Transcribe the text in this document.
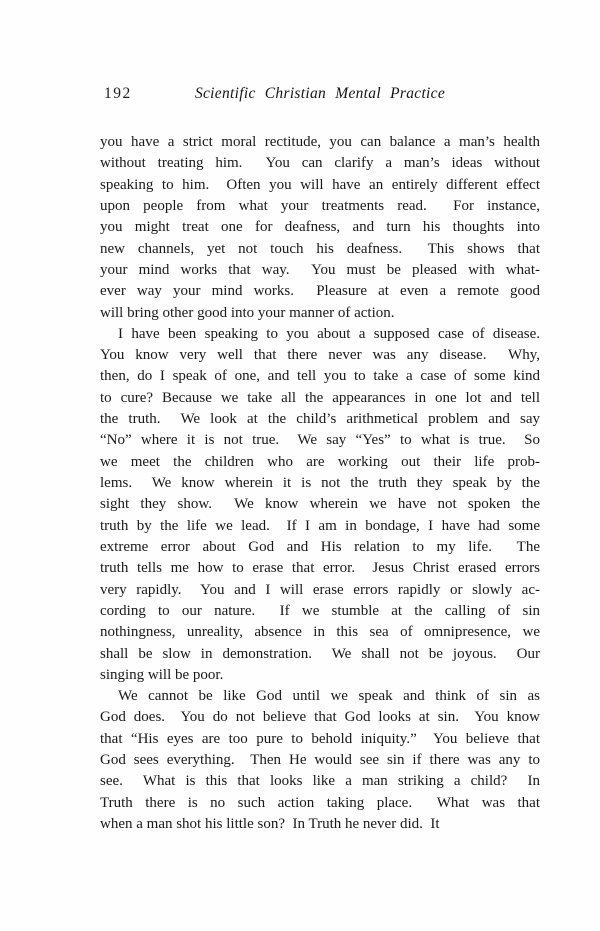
192	Scientific Christian Mental Practice
you have a strict moral rectitude, you can balance a man’s health
without treating him.  You can clarify a man’s ideas without
speaking to him.  Often you will have an entirely different effect
upon people from what your treatments read.  For instance,
you might treat one for deafness, and turn his thoughts into
new channels, yet not touch his deafness.  This shows that
your mind works that way.  You must be pleased with what-
ever way your mind works.  Pleasure at even a remote good
will bring other good into your manner of action.
I have been speaking to you about a supposed case of disease.
You know very well that there never was any disease.  Why,
then, do I speak of one, and tell you to take a case of some kind
to cure? Because we take all the appearances in one lot and tell
the truth.  We look at the child’s arithmetical problem and say
“No” where it is not true.  We say “Yes” to what is true.  So
we meet the children who are working out their life prob-
lems.  We know wherein it is not the truth they speak by the
sight they show.  We know wherein we have not spoken the
truth by the life we lead.  If I am in bondage, I have had some
extreme error about God and His relation to my life.  The
truth tells me how to erase that error.  Jesus Christ erased errors
very rapidly.  You and I will erase errors rapidly or slowly ac-
cording to our nature.  If we stumble at the calling of sin
nothingness, unreality, absence in this sea of omnipresence, we
shall be slow in demonstration.  We shall not be joyous.  Our
singing will be poor.
We cannot be like God until we speak and think of sin as
God does.  You do not believe that God looks at sin.  You know
that “His eyes are too pure to behold iniquity.”  You believe that
God sees everything.  Then He would see sin if there was any to
see.  What is this that looks like a man striking a child?  In
Truth there is no such action taking place.  What was that
when a man shot his little son?  In Truth he never did.  It
